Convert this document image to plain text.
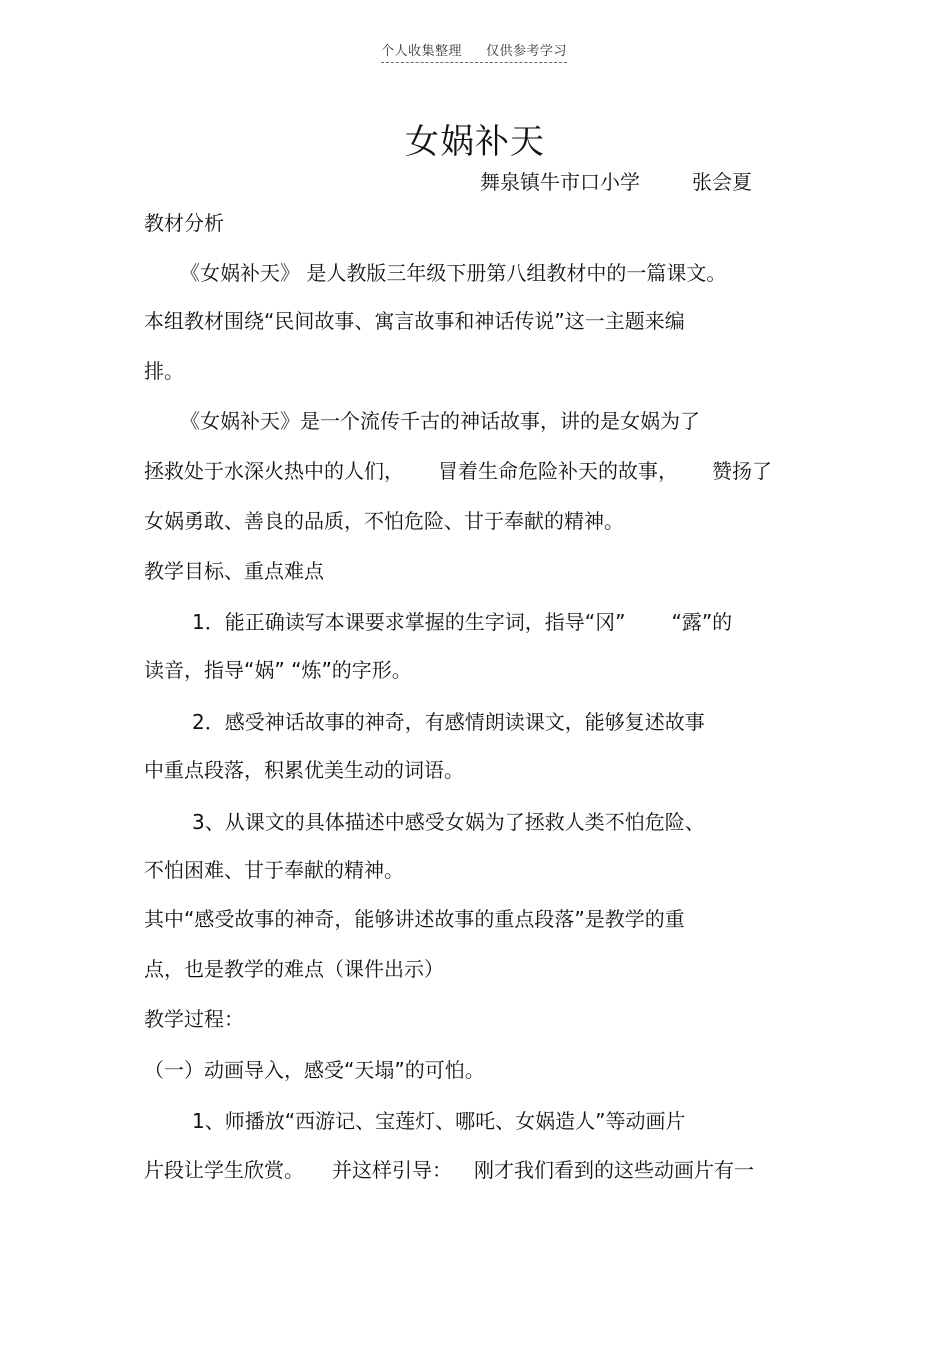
个人收集整理 仅供参考学习
女娲补天
舞泉镇牛市口小学	张会夏
教材分析
《女娲补天》 是人教版三年级下册第八组教材中的一篇课文。
本组教材围绕“民间故事、寓言故事和神话传说”这一主题来编
排。
《女娲补天》是一个流传千古的神话故事，讲的是女娲为了
拯救处于水深火热中的人们， 冒着生命危险补天的故事， 赞扬了
女娲勇敢、善良的品质，不怕危险、甘于奉献的精神。
教学目标、重点难点
1．能正确读写本课要求掌握的生字词，指导“冈” “露”的
读音，指导“娲” “炼”的字形。
2．感受神话故事的神奇，有感情朗读课文，能够复述故事
中重点段落，积累优美生动的词语。
3、从课文的具体描述中感受女娲为了拯救人类不怕危险、
不怕困难、甘于奉献的精神。
其中“感受故事的神奇，能够讲述故事的重点段落”是教学的重
点，也是教学的难点（课件出示）
教学过程：
（一）动画导入，感受“天塌”的可怕。
1、师播放“西游记、宝莲灯、哪吒、女娲造人”等动画片
片段让学生欣赏。 并这样引导： 刚才我们看到的这些动画片有一
